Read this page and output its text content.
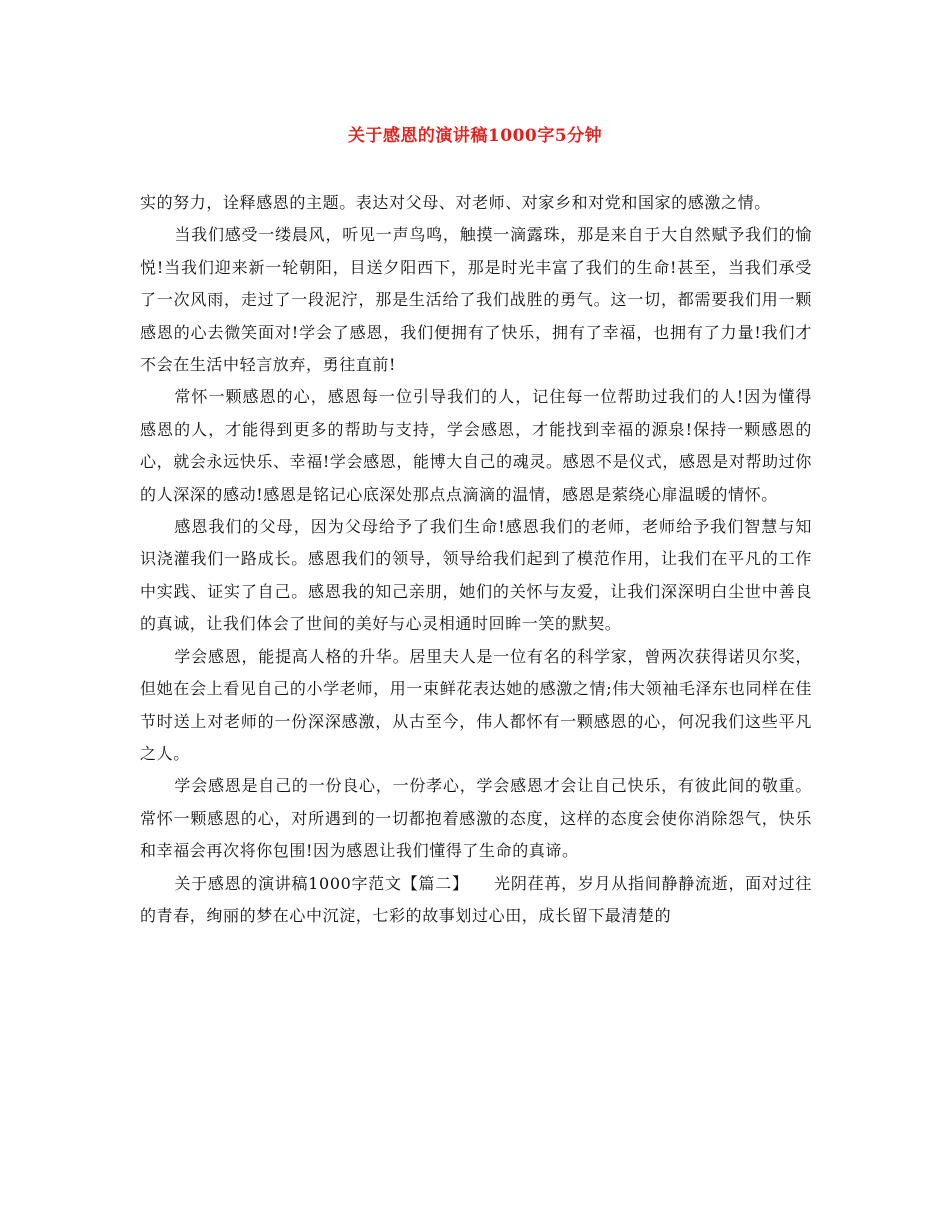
关于感恩的演讲稿1000字5分钟

实的努力，诠释感恩的主题。表达对父母、对老师、对家乡和对党和国家的感激之情。

当我们感受一缕晨风，听见一声鸟鸣，触摸一滴露珠，那是来自于大自然赋予我们的愉悦!当我们迎来新一轮朝阳，目送夕阳西下，那是时光丰富了我们的生命!甚至，当我们承受了一次风雨，走过了一段泥泞，那是生活给了我们战胜的勇气。这一切，都需要我们用一颗感恩的心去微笑面对!学会了感恩，我们便拥有了快乐，拥有了幸福，也拥有了力量!我们才不会在生活中轻言放弃，勇往直前!

常怀一颗感恩的心，感恩每一位引导我们的人，记住每一位帮助过我们的人!因为懂得感恩的人，才能得到更多的帮助与支持，学会感恩，才能找到幸福的源泉!保持一颗感恩的心，就会永远快乐、幸福!学会感恩，能博大自己的魂灵。感恩不是仪式，感恩是对帮助过你的人深深的感动!感恩是铭记心底深处那点点滴滴的温情，感恩是萦绕心扉温暖的情怀。

感恩我们的父母，因为父母给予了我们生命!感恩我们的老师，老师给予我们智慧与知识浇灌我们一路成长。感恩我们的领导，领导给我们起到了模范作用，让我们在平凡的工作中实践、证实了自己。感恩我的知己亲朋，她们的关怀与友爱，让我们深深明白尘世中善良的真诚，让我们体会了世间的美好与心灵相通时回眸一笑的默契。

学会感恩，能提高人格的升华。居里夫人是一位有名的科学家，曾两次获得诺贝尔奖，但她在会上看见自己的小学老师，用一束鲜花表达她的感激之情;伟大领袖毛泽东也同样在佳节时送上对老师的一份深深感激，从古至今，伟人都怀有一颗感恩的心，何况我们这些平凡之人。

学会感恩是自己的一份良心，一份孝心，学会感恩才会让自己快乐，有彼此间的敬重。常怀一颗感恩的心，对所遇到的一切都抱着感激的态度，这样的态度会使你消除怨气，快乐和幸福会再次将你包围!因为感恩让我们懂得了生命的真谛。

关于感恩的演讲稿1000字范文【篇二】　　光阴荏苒，岁月从指间静静流逝，面对过往的青春，绚丽的梦在心中沉淀，七彩的故事划过心田，成长留下最清楚的
